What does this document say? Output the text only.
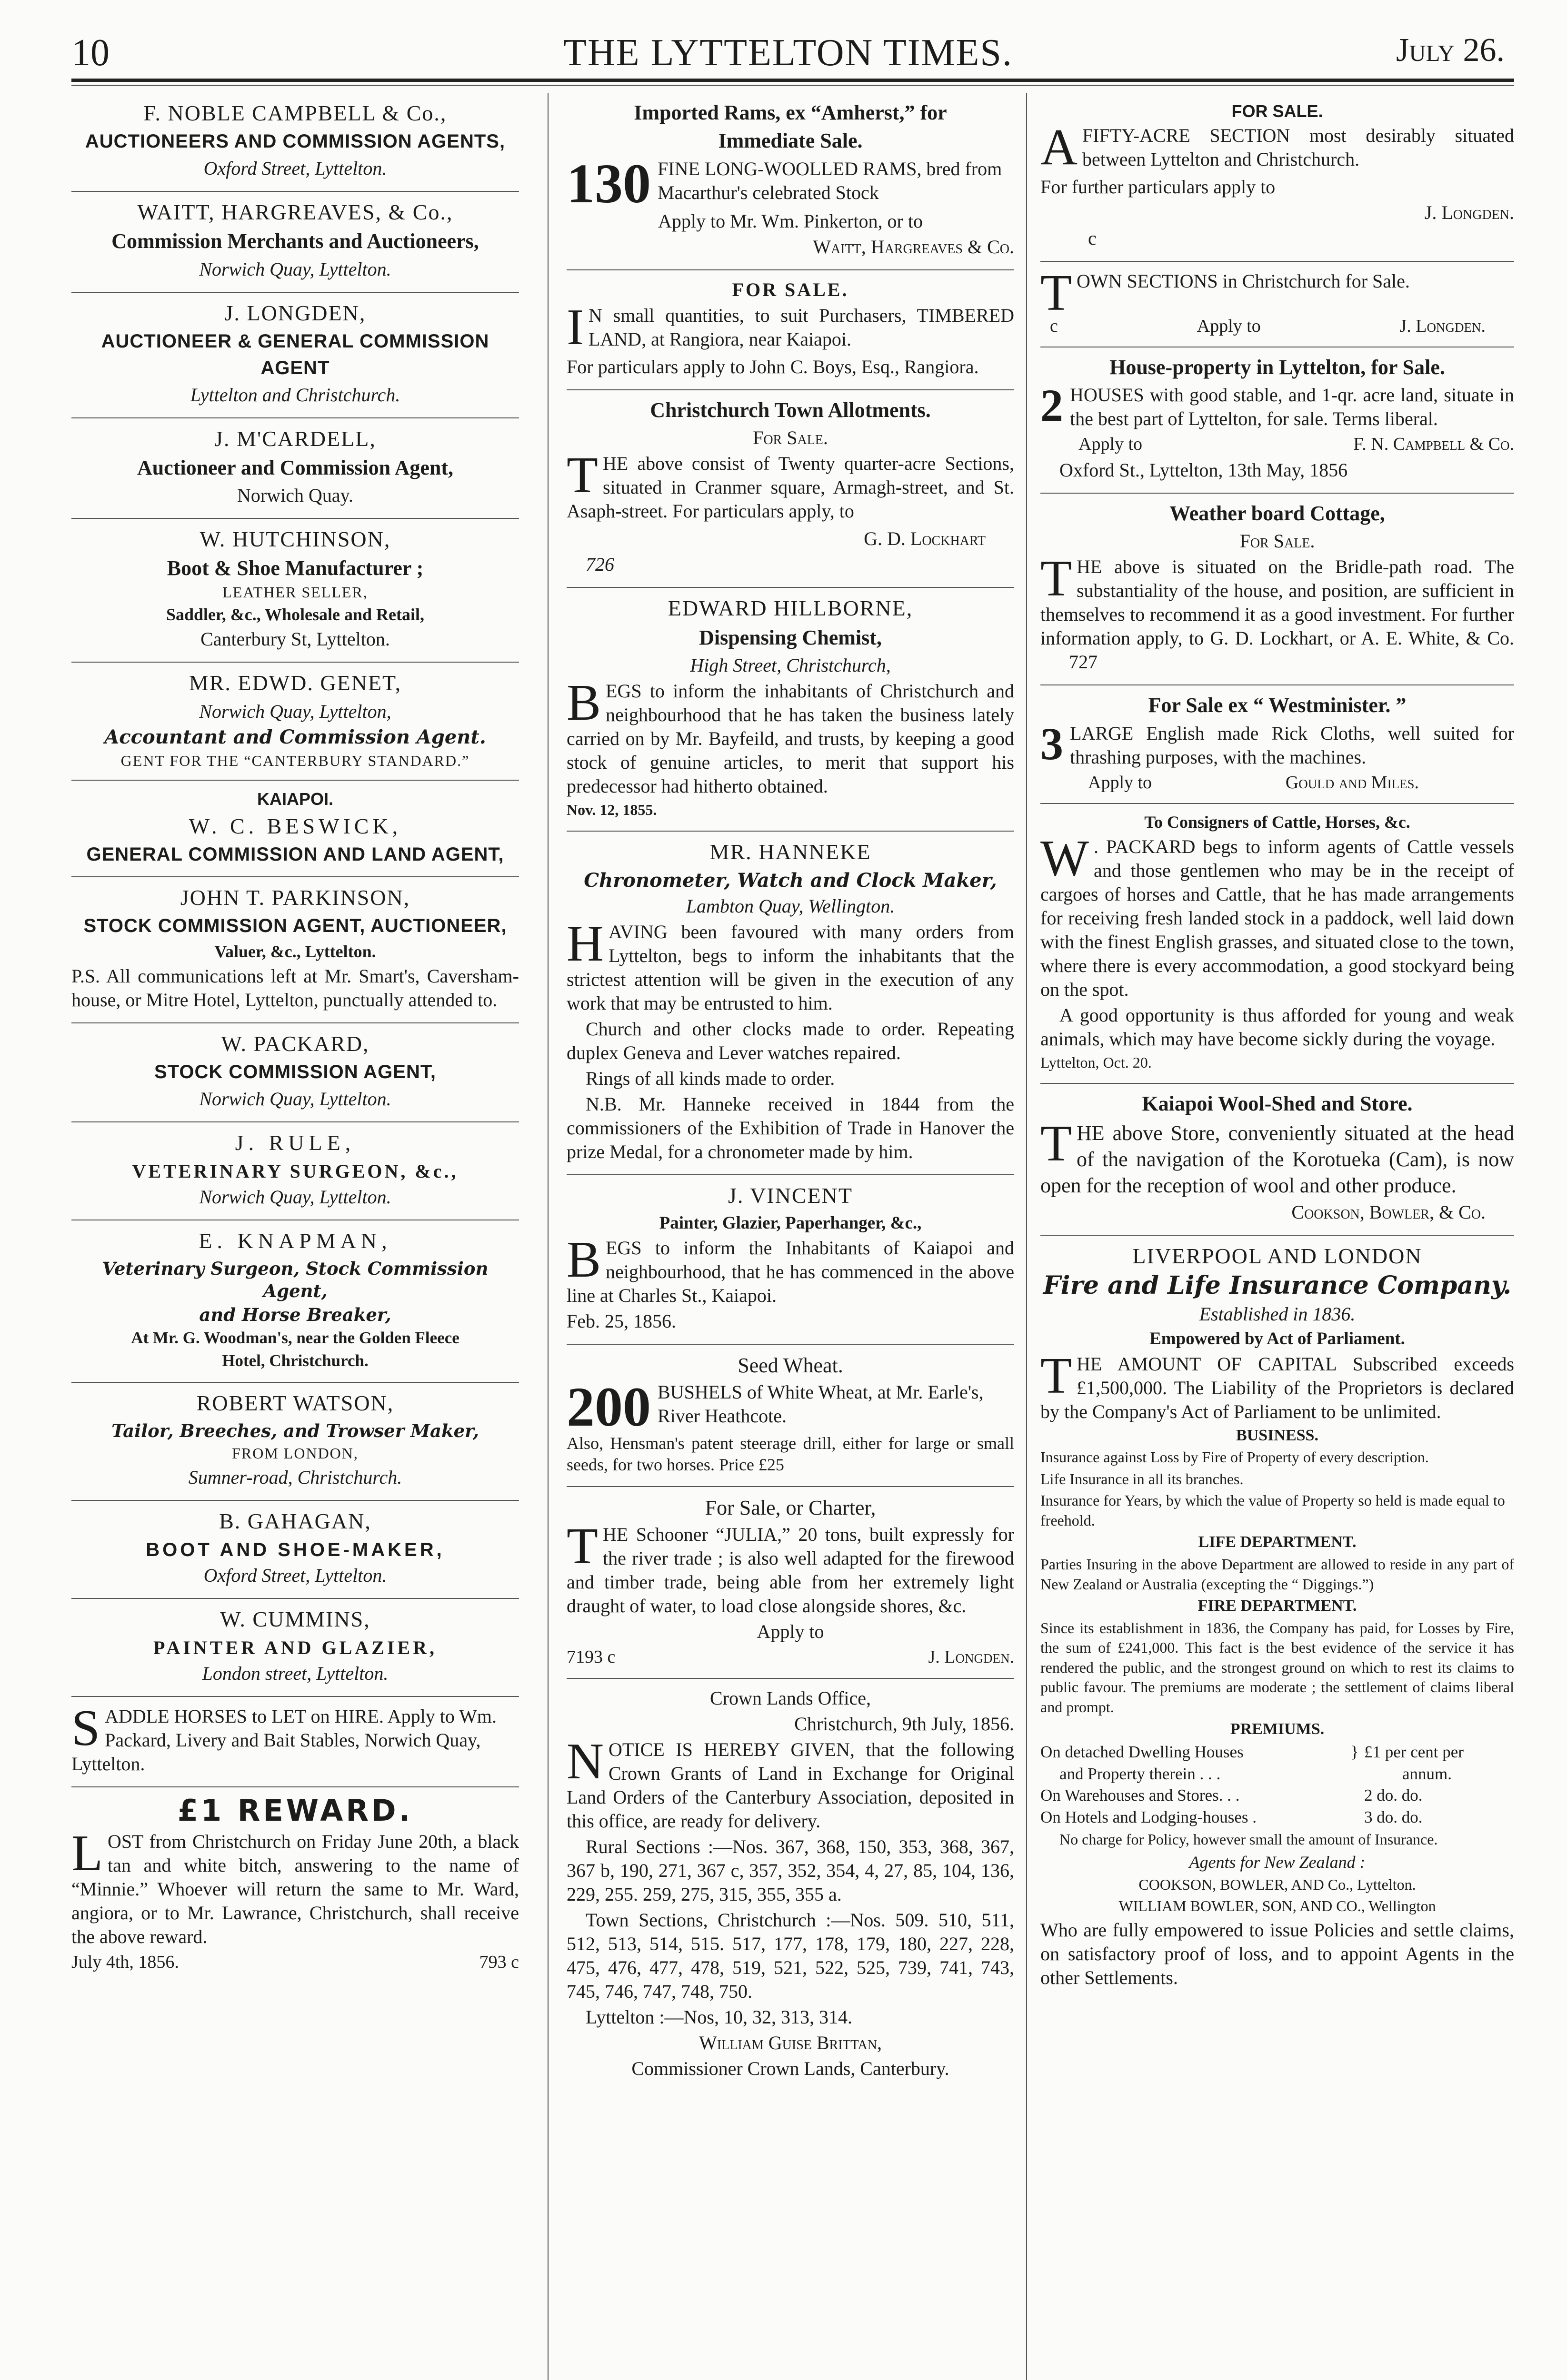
10	THE LYTTELTON TIMES.	July 26.
F. NOBLE CAMPBELL & Co.,
AUCTIONEERS AND COMMISSION AGENTS,
Oxford Street, Lyttelton.
WAITT, HARGREAVES, & Co.,
Commission Merchants and Auctioneers,
Norwich Quay, Lyttelton.
J. LONGDEN,
AUCTIONEER & GENERAL COMMISSION AGENT
Lyttelton and Christchurch.
J. M'CARDELL,
Auctioneer and Commission Agent,
Norwich Quay.
W. HUTCHINSON,
Boot & Shoe Manufacturer ;
LEATHER SELLER,
Saddler, &c., Wholesale and Retail,
Canterbury St, Lyttelton.
MR. EDWD. GENET,
Norwich Quay, Lyttelton,
Accountant and Commission Agent.
GENT FOR THE “CANTERBURY STANDARD.”
KAIAPOI.
W. C. BESWICK,
GENERAL COMMISSION AND LAND AGENT,
JOHN T. PARKINSON,
STOCK COMMISSION AGENT, AUCTIONEER,
Valuer, &c., Lyttelton.
P.S. All communications left at Mr. Smart's, Caversham-house, or Mitre Hotel, Lyttelton, punctually attended to.
W. PACKARD,
STOCK COMMISSION AGENT,
Norwich Quay, Lyttelton.
J. RULE,
VETERINARY SURGEON, &c.,
Norwich Quay, Lyttelton.
E. KNAPMAN,
Veterinary Surgeon, Stock Commission Agent,
and Horse Breaker,
At Mr. G. Woodman's, near the Golden Fleece
Hotel, Christchurch.
ROBERT WATSON,
Tailor, Breeches, and Trowser Maker,
FROM LONDON,
Sumner-road, Christchurch.
B. GAHAGAN,
BOOT AND SHOE-MAKER,
Oxford Street, Lyttelton.
W. CUMMINS,
PAINTER AND GLAZIER,
London street, Lyttelton.
S ADDLE HORSES to LET on HIRE. Apply to Wm. Packard, Livery and Bait Stables, Norwich Quay, Lyttelton.
£1 REWARD.
L OST from Christchurch on Friday June 20th, a black tan and white bitch, answering to the name of “Minnie.” Whoever will return the same to Mr. Ward, angiora, or to Mr. Lawrance, Christchurch, shall receive the above reward.
July 4th, 1856.	793 c
Imported Rams, ex “Amherst,” for
Immediate Sale.
130 FINE LONG-WOOLLED RAMS, bred from Macarthur's celebrated Stock
Apply to Mr. Wm. Pinkerton, or to
Waitt, Hargreaves & Co.
FOR SALE.
I N small quantities, to suit Purchasers, TIMBERED LAND, at Rangiora, near Kaiapoi.
For particulars apply to John C. Boys, Esq., Rangiora.
Christchurch Town Allotments.
For Sale.
T HE above consist of Twenty quarter-acre Sections, situated in Cranmer square, Armagh-street, and St. Asaph-street. For particulars apply, to
G. D. Lockhart
726
EDWARD HILLBORNE,
Dispensing Chemist,
High Street, Christchurch,
B EGS to inform the inhabitants of Christchurch and neighbourhood that he has taken the business lately carried on by Mr. Bayfeild, and trusts, by keeping a good stock of genuine articles, to merit that support his predecessor had hitherto obtained.
Nov. 12, 1855.
MR. HANNEKE
Chronometer, Watch and Clock Maker,
Lambton Quay, Wellington.
H AVING been favoured with many orders from Lyttelton, begs to inform the inhabitants that the strictest attention will be given in the execution of any work that may be entrusted to him.
Church and other clocks made to order. Repeating duplex Geneva and Lever watches repaired.
Rings of all kinds made to order.
N.B. Mr. Hanneke received in 1844 from the commissioners of the Exhibition of Trade in Hanover the prize Medal, for a chronometer made by him.
J. VINCENT
Painter, Glazier, Paperhanger, &c.,
B EGS to inform the Inhabitants of Kaiapoi and neighbourhood, that he has commenced in the above line at Charles St., Kaiapoi.
Feb. 25, 1856.
Seed Wheat.
200 BUSHELS of White Wheat, at Mr. Earle's, River Heathcote.
Also, Hensman's patent steerage drill, either for large or small seeds, for two horses. Price £25
For Sale, or Charter,
T HE Schooner “JULIA,” 20 tons, built expressly for the river trade ; is also well adapted for the firewood and timber trade, being able from her extremely light draught of water, to load close alongside shores, &c.
Apply to
7193 c	J. Longden.
Crown Lands Office,
Christchurch, 9th July, 1856.
N OTICE IS HEREBY GIVEN, that the following Crown Grants of Land in Exchange for Original Land Orders of the Canterbury Association, deposited in this office, are ready for delivery.
Rural Sections :—Nos. 367, 368, 150, 353, 368, 367, 367 b, 190, 271, 367 c, 357, 352, 354, 4, 27, 85, 104, 136, 229, 255. 259, 275, 315, 355, 355 a.
Town Sections, Christchurch :—Nos. 509. 510, 511, 512, 513, 514, 515. 517, 177, 178, 179, 180, 227, 228, 475, 476, 477, 478, 519, 521, 522, 525, 739, 741, 743, 745, 746, 747, 748, 750.
Lyttelton :—Nos, 10, 32, 313, 314.
William Guise Brittan,
Commissioner Crown Lands, Canterbury.
FOR SALE.
A FIFTY-ACRE SECTION most desirably situated between Lyttelton and Christchurch.
For further particulars apply to
J. Longden.
c
T OWN SECTIONS in Christchurch for Sale.
c	Apply to	J. Longden.
House-property in Lyttelton, for Sale.
2 HOUSES with good stable, and 1-qr. acre land, situate in the best part of Lyttelton, for sale. Terms liberal.
Apply to	F. N. Campbell & Co.
Oxford St., Lyttelton, 13th May, 1856
Weather board Cottage,
For Sale.
T HE above is situated on the Bridle-path road. The substantiality of the house, and position, are sufficient in themselves to recommend it as a good investment. For further information apply, to G. D. Lockhart, or A. E. White, & Co. 727
For Sale ex “ Westminister. ”
3 LARGE English made Rick Cloths, well suited for thrashing purposes, with the machines.
Apply to	Gould and Miles.
To Consigners of Cattle, Horses, &c.
W . PACKARD begs to inform agents of Cattle vessels and those gentlemen who may be in the receipt of cargoes of horses and Cattle, that he has made arrangements for receiving fresh landed stock in a paddock, well laid down with the finest English grasses, and situated close to the town, where there is every accommodation, a good stockyard being on the spot.
A good opportunity is thus afforded for young and weak animals, which may have become sickly during the voyage.
Lyttelton, Oct. 20.
Kaiapoi Wool-Shed and Store.
T HE above Store, conveniently situated at the head of the navigation of the Korotueka (Cam), is now open for the reception of wool and other produce.
Cookson, Bowler, & Co.
LIVERPOOL AND LONDON
Fire and Life Insurance Company.
Established in 1836.
Empowered by Act of Parliament.
T HE AMOUNT OF CAPITAL Subscribed exceeds £1,500,000. The Liability of the Proprietors is declared by the Company's Act of Parliament to be unlimited.
BUSINESS.
Insurance against Loss by Fire of Property of every description.
Life Insurance in all its branches.
Insurance for Years, by which the value of Property so held is made equal to freehold.
LIFE DEPARTMENT.
Parties Insuring in the above Department are allowed to reside in any part of New Zealand or Australia (excepting the “ Diggings.”)
FIRE DEPARTMENT.
Since its establishment in 1836, the Company has paid, for Losses by Fire, the sum of £241,000. This fact is the best evidence of the service it has rendered the public, and the strongest ground on which to rest its claims to public favour. The premiums are moderate ; the settlement of claims liberal and prompt.
PREMIUMS.
On detached Dwelling Houses	} £1 per cent per
and Property therein . . .	annum.
On Warehouses and Stores. . .	2 do. do.
On Hotels and Lodging-houses .	3 do. do.
No charge for Policy, however small the amount of Insurance.
Agents for New Zealand :
COOKSON, BOWLER, AND Co., Lyttelton.
WILLIAM BOWLER, SON, AND CO., Wellington
Who are fully empowered to issue Policies and settle claims, on satisfactory proof of loss, and to appoint Agents in the other Settlements.
